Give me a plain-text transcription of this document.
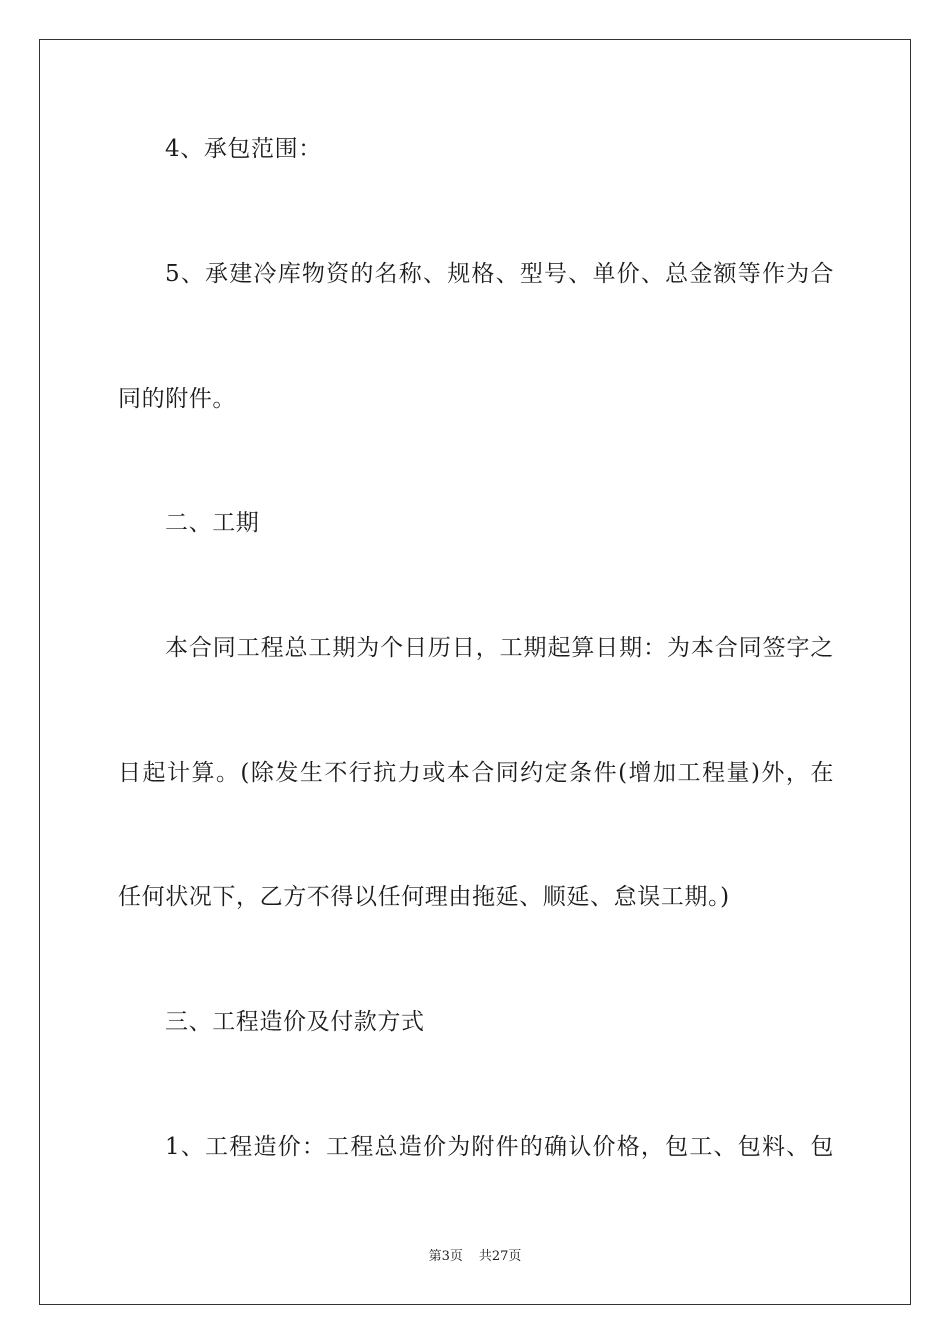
4、承包范围：
5、承建冷库物资的名称、规格、型号、单价、总金额等作为合
同的附件。
二、工期
本合同工程总工期为个日历日，工期起算日期：为本合同签字之
日起计算。(除发生不行抗力或本合同约定条件(增加工程量)外，在
任何状况下，乙方不得以任何理由拖延、顺延、怠误工期。)
三、工程造价及付款方式
1、工程造价：工程总造价为附件的确认价格，包工、包料、包
第3页 共27页
